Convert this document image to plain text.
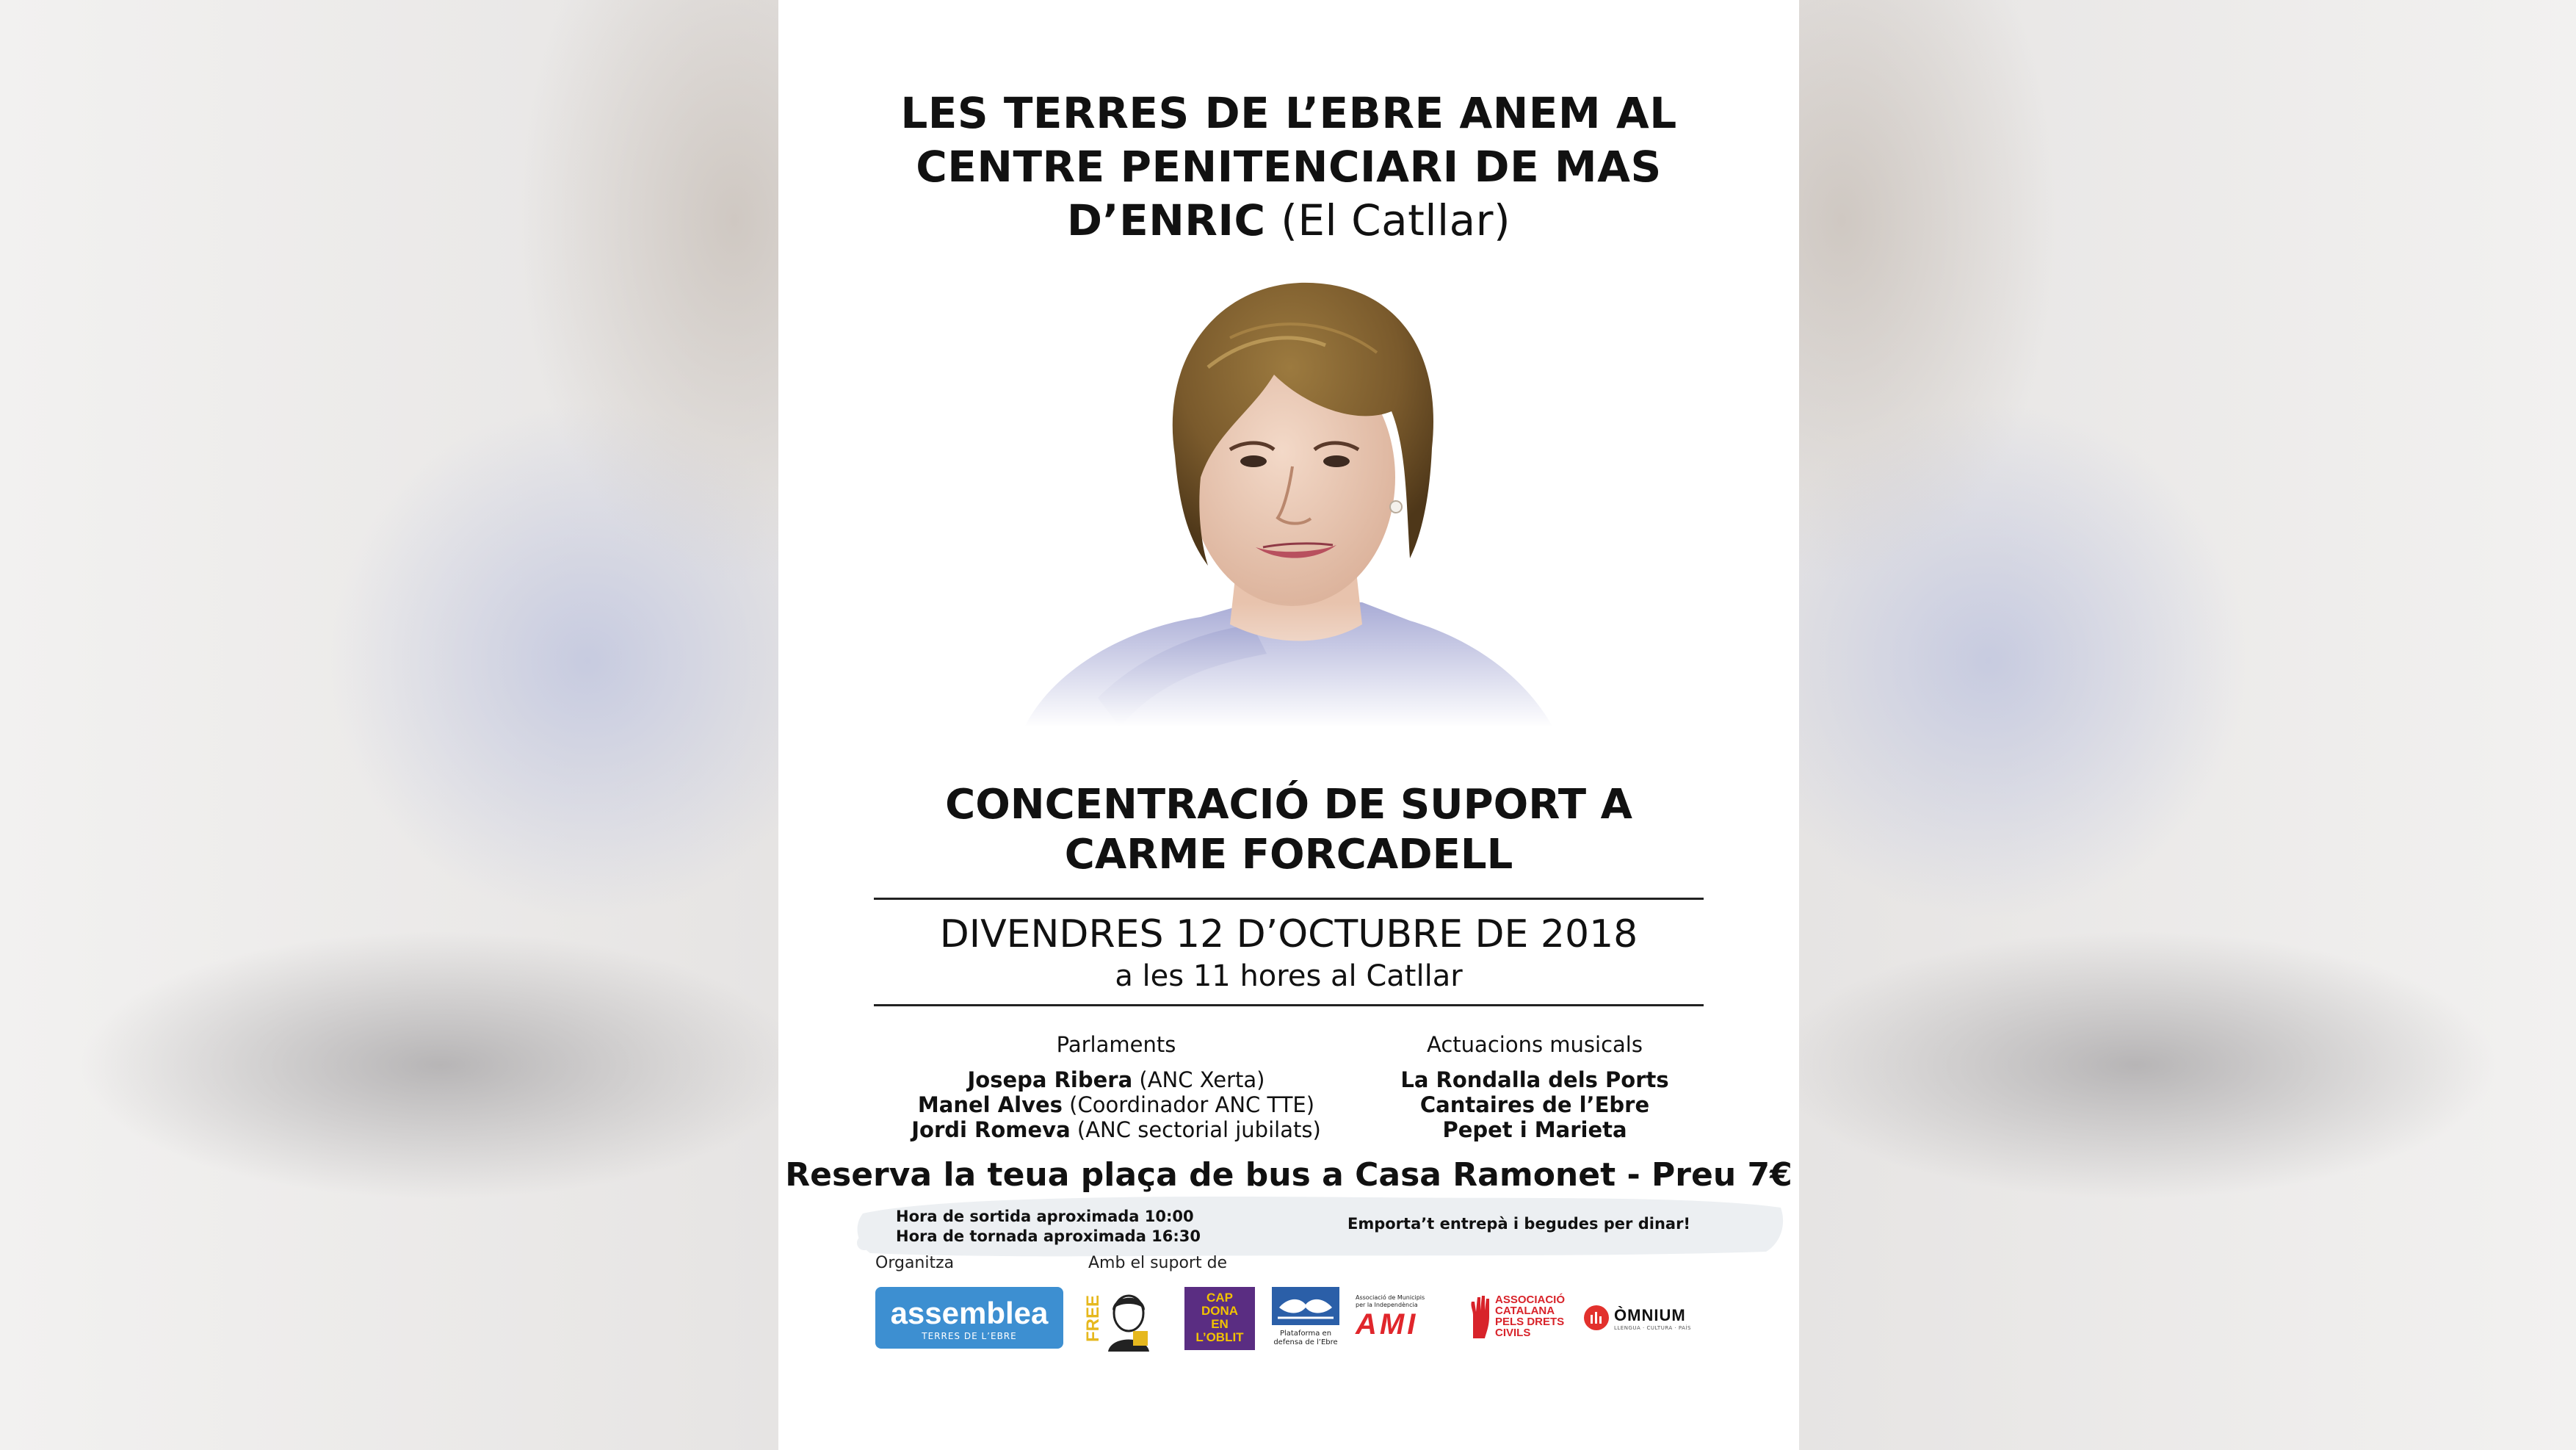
LES TERRES DE L’EBRE ANEM AL
CENTRE PENITENCIARI DE MAS
D’ENRIC (El Catllar)
CONCENTRACIÓ DE SUPORT A
CARME FORCADELL
DIVENDRES 12 D’OCTUBRE DE 2018
a les 11 hores al Catllar
Parlaments
Josepa Ribera (ANC Xerta)
Manel Alves (Coordinador ANC TTE)
Jordi Romeva (ANC sectorial jubilats)
Actuacions musicals
La Rondalla dels Ports
Cantaires de l’Ebre
Pepet i Marieta
Reserva la teua plaça de bus a Casa Ramonet - Preu 7€
Hora de sortida aproximada 10:00
Hora de tornada aproximada 16:30
Emporta’t entrepà i begudes per dinar!
Organitza	Amb el suport de
assemblea
TERRES DE L’EBRE	FREE	CAP
DONA
EN
L’OBLIT	Plataforma en defensa de l’Ebre
Associació de Municipis per la Independència
AMI
ASSOCIACIÓ
CATALANA
PELS DRETS
CIVILS
ÒMNIUM
LLENGUA · CULTURA · PAÍS
